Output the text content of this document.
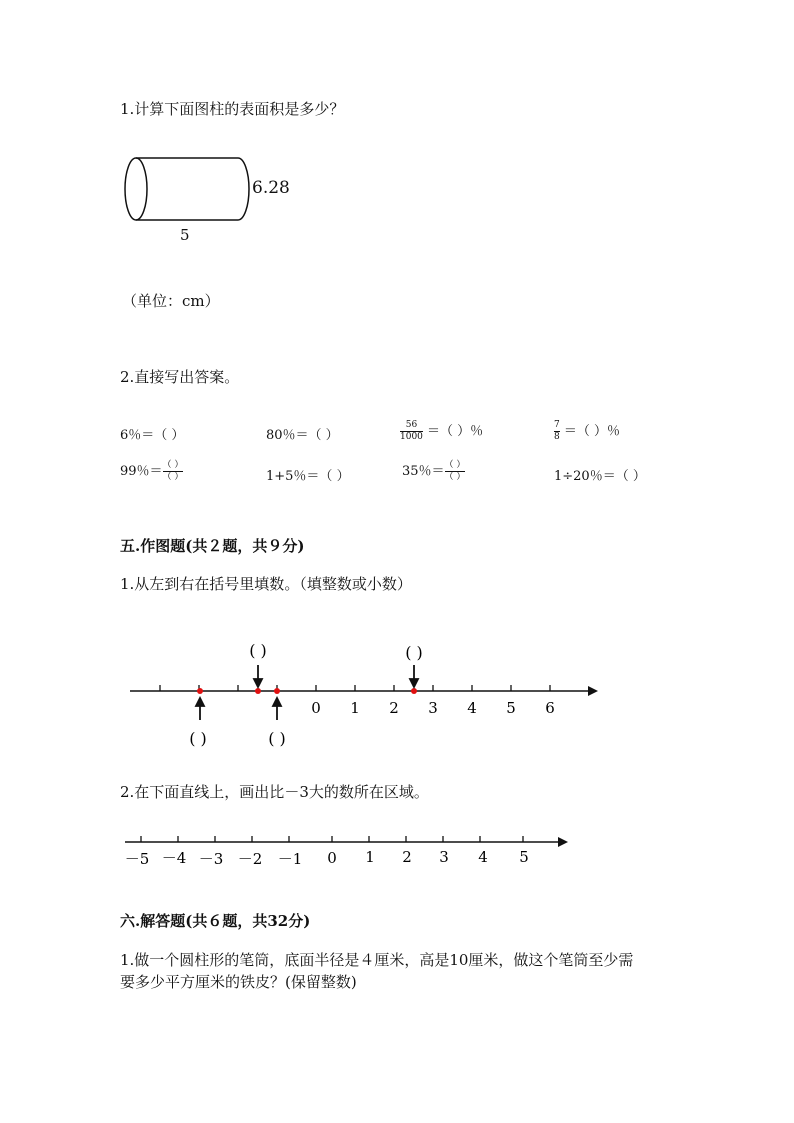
1.计算下面图柱的表面积是多少？
6.28
5
（单位：cm）
2.直接写出答案。
6％＝（ ）	80％＝（ ）	$\frac{56}{1000}$ ＝（ ）％	$\frac{7}{8}$ ＝（ ）％
99％＝ $\frac{( )}{( )}$	1+5％＝（ ）	35％＝ $\frac{( )}{( )}$	1÷20％＝（ ）
五.作图题(共２题，共９分)
1.从左到右在括号里填数。（填整数或小数）
0 1 2 3 4 5 6
( )	( )
( )	( )
2.在下面直线上，画出比－3大的数所在区域。
－5 －4 －3 －2 －1 0 1 2 3 4 5
六.解答题(共６题，共32分)
1.做一个圆柱形的笔筒，底面半径是４厘米，高是10厘米，做这个笔筒至少需
要多少平方厘米的铁皮？(保留整数)
